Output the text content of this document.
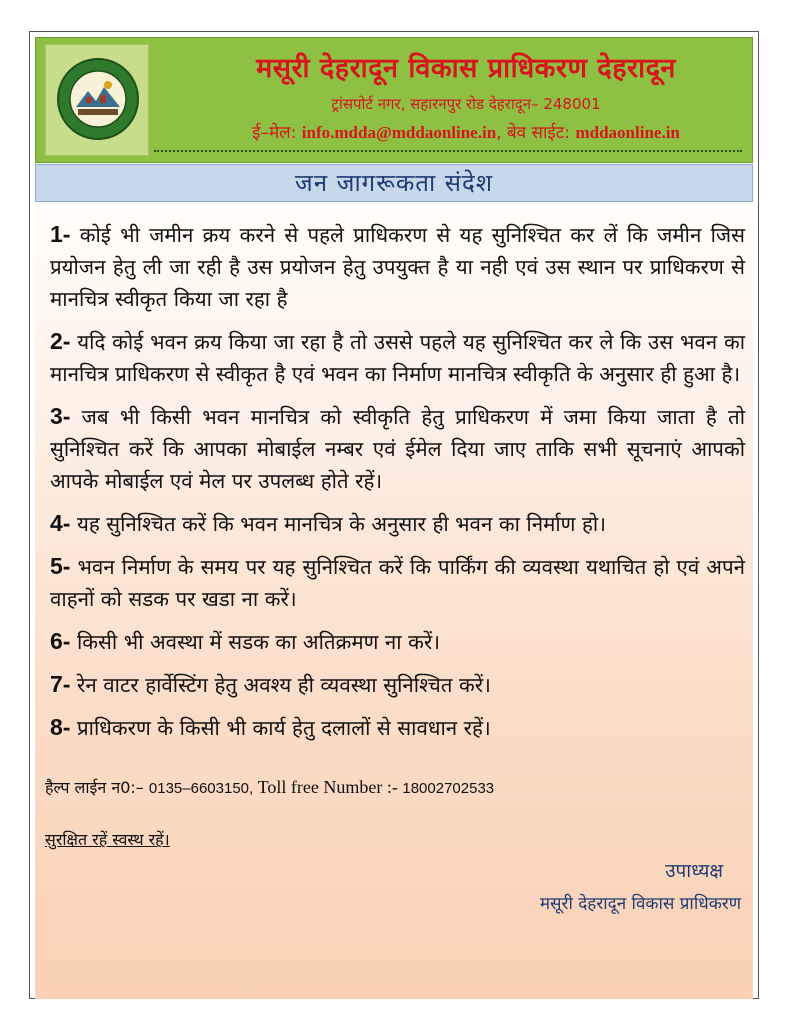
मसूरी देहरादून विकास प्राधिकरण देहरादून
ट्रांसपोर्ट नगर, सहारनपुर रोड देहरादून– 248001
ई–मेल: info.mdda@mddaonline.in, बेव साईट: mddaonline.in
जन जागरूकता संदेश
1- कोई भी जमीन क्रय करने से पहले प्राधिकरण से यह सुनिश्चित कर लें कि जमीन जिस प्रयोजन हेतु ली जा रही है उस प्रयोजन हेतु उपयुक्त है या नही एवं उस स्थान पर प्राधिकरण से मानचित्र स्वीकृत किया जा रहा है
2- यदि कोई भवन क्रय किया जा रहा है तो उससे पहले यह सुनिश्चित कर ले कि उस भवन का मानचित्र प्राधिकरण से स्वीकृत है एवं भवन का निर्माण मानचित्र स्वीकृति के अनुसार ही हुआ है।
3- जब भी किसी भवन मानचित्र को स्वीकृति हेतु प्राधिकरण में जमा किया जाता है तो सुनिश्चित करें कि आपका मोबाईल नम्बर एवं ईमेल दिया जाए ताकि सभी सूचनाएं आपको आपके मोबाईल एवं मेल पर उपलब्ध होते रहें।
4- यह सुनिश्चित करें कि भवन मानचित्र के अनुसार ही भवन का निर्माण हो।
5- भवन निर्माण के समय पर यह सुनिश्चित करें कि पार्किंग की व्यवस्था यथाचित हो एवं अपने वाहनों को सडक पर खडा ना करें।
6- किसी भी अवस्था में सडक का अतिक्रमण ना करें।
7- रेन वाटर हार्वेस्टिंग हेतु अवश्य ही व्यवस्था सुनिश्चित करें।
8- प्राधिकरण के किसी भी कार्य हेतु दलालों से सावधान रहें।
हैल्प लाईन न0:– 0135–6603150, Toll free Number :- 18002702533
सुरक्षित रहें स्वस्थ रहें।
उपाध्यक्ष
मसूरी देहरादून विकास प्राधिकरण
